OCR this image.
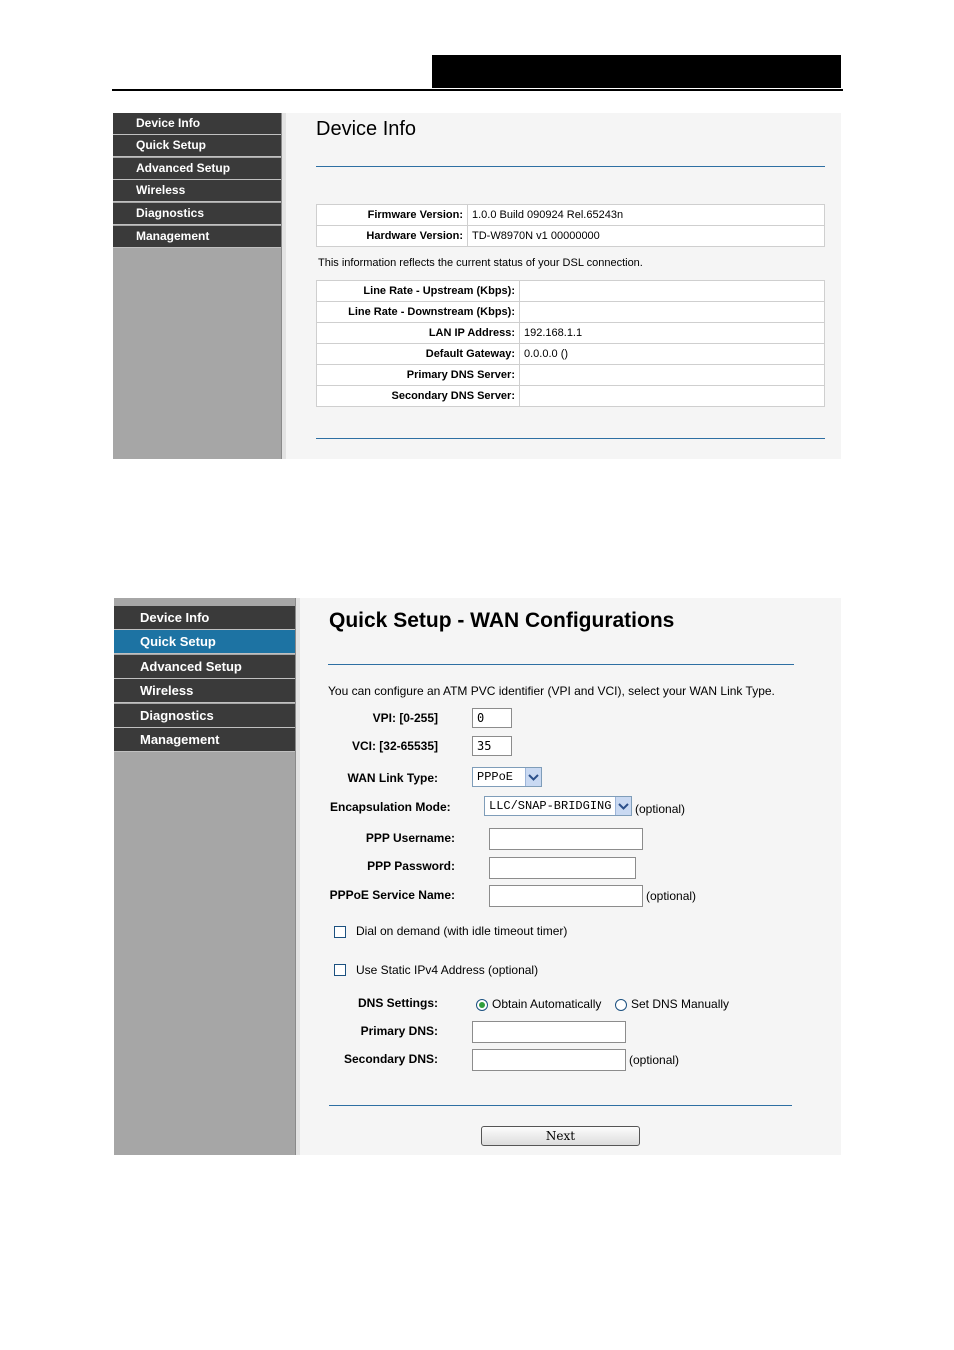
Device Info
Quick Setup
Advanced Setup
Wireless
Diagnostics
Management
Device Info
Firmware Version:	1.0.0 Build 090924 Rel.65243n
Hardware Version:	TD-W8970N v1 00000000
This information reflects the current status of your DSL connection.
Line Rate - Upstream (Kbps):	
Line Rate - Downstream (Kbps):	
LAN IP Address:	192.168.1.1
Default Gateway:	0.0.0.0 ()
Primary DNS Server:	
Secondary DNS Server:	
Device Info
Quick Setup
Advanced Setup
Wireless
Diagnostics
Management
Quick Setup - WAN Configurations
You can configure an ATM PVC identifier (VPI and VCI), select your WAN Link Type.
VPI: [0-255]	0
VCI: [32-65535]	35
WAN Link Type:	PPPoE
Encapsulation Mode:	LLC/SNAP-BRIDGING	(optional)
PPP Username:
PPP Password:
PPPoE Service Name:	(optional)
Dial on demand (with idle timeout timer)
Use Static IPv4 Address (optional)
DNS Settings:	Obtain Automatically Set DNS Manually
Primary DNS:
Secondary DNS:	(optional)
Next
